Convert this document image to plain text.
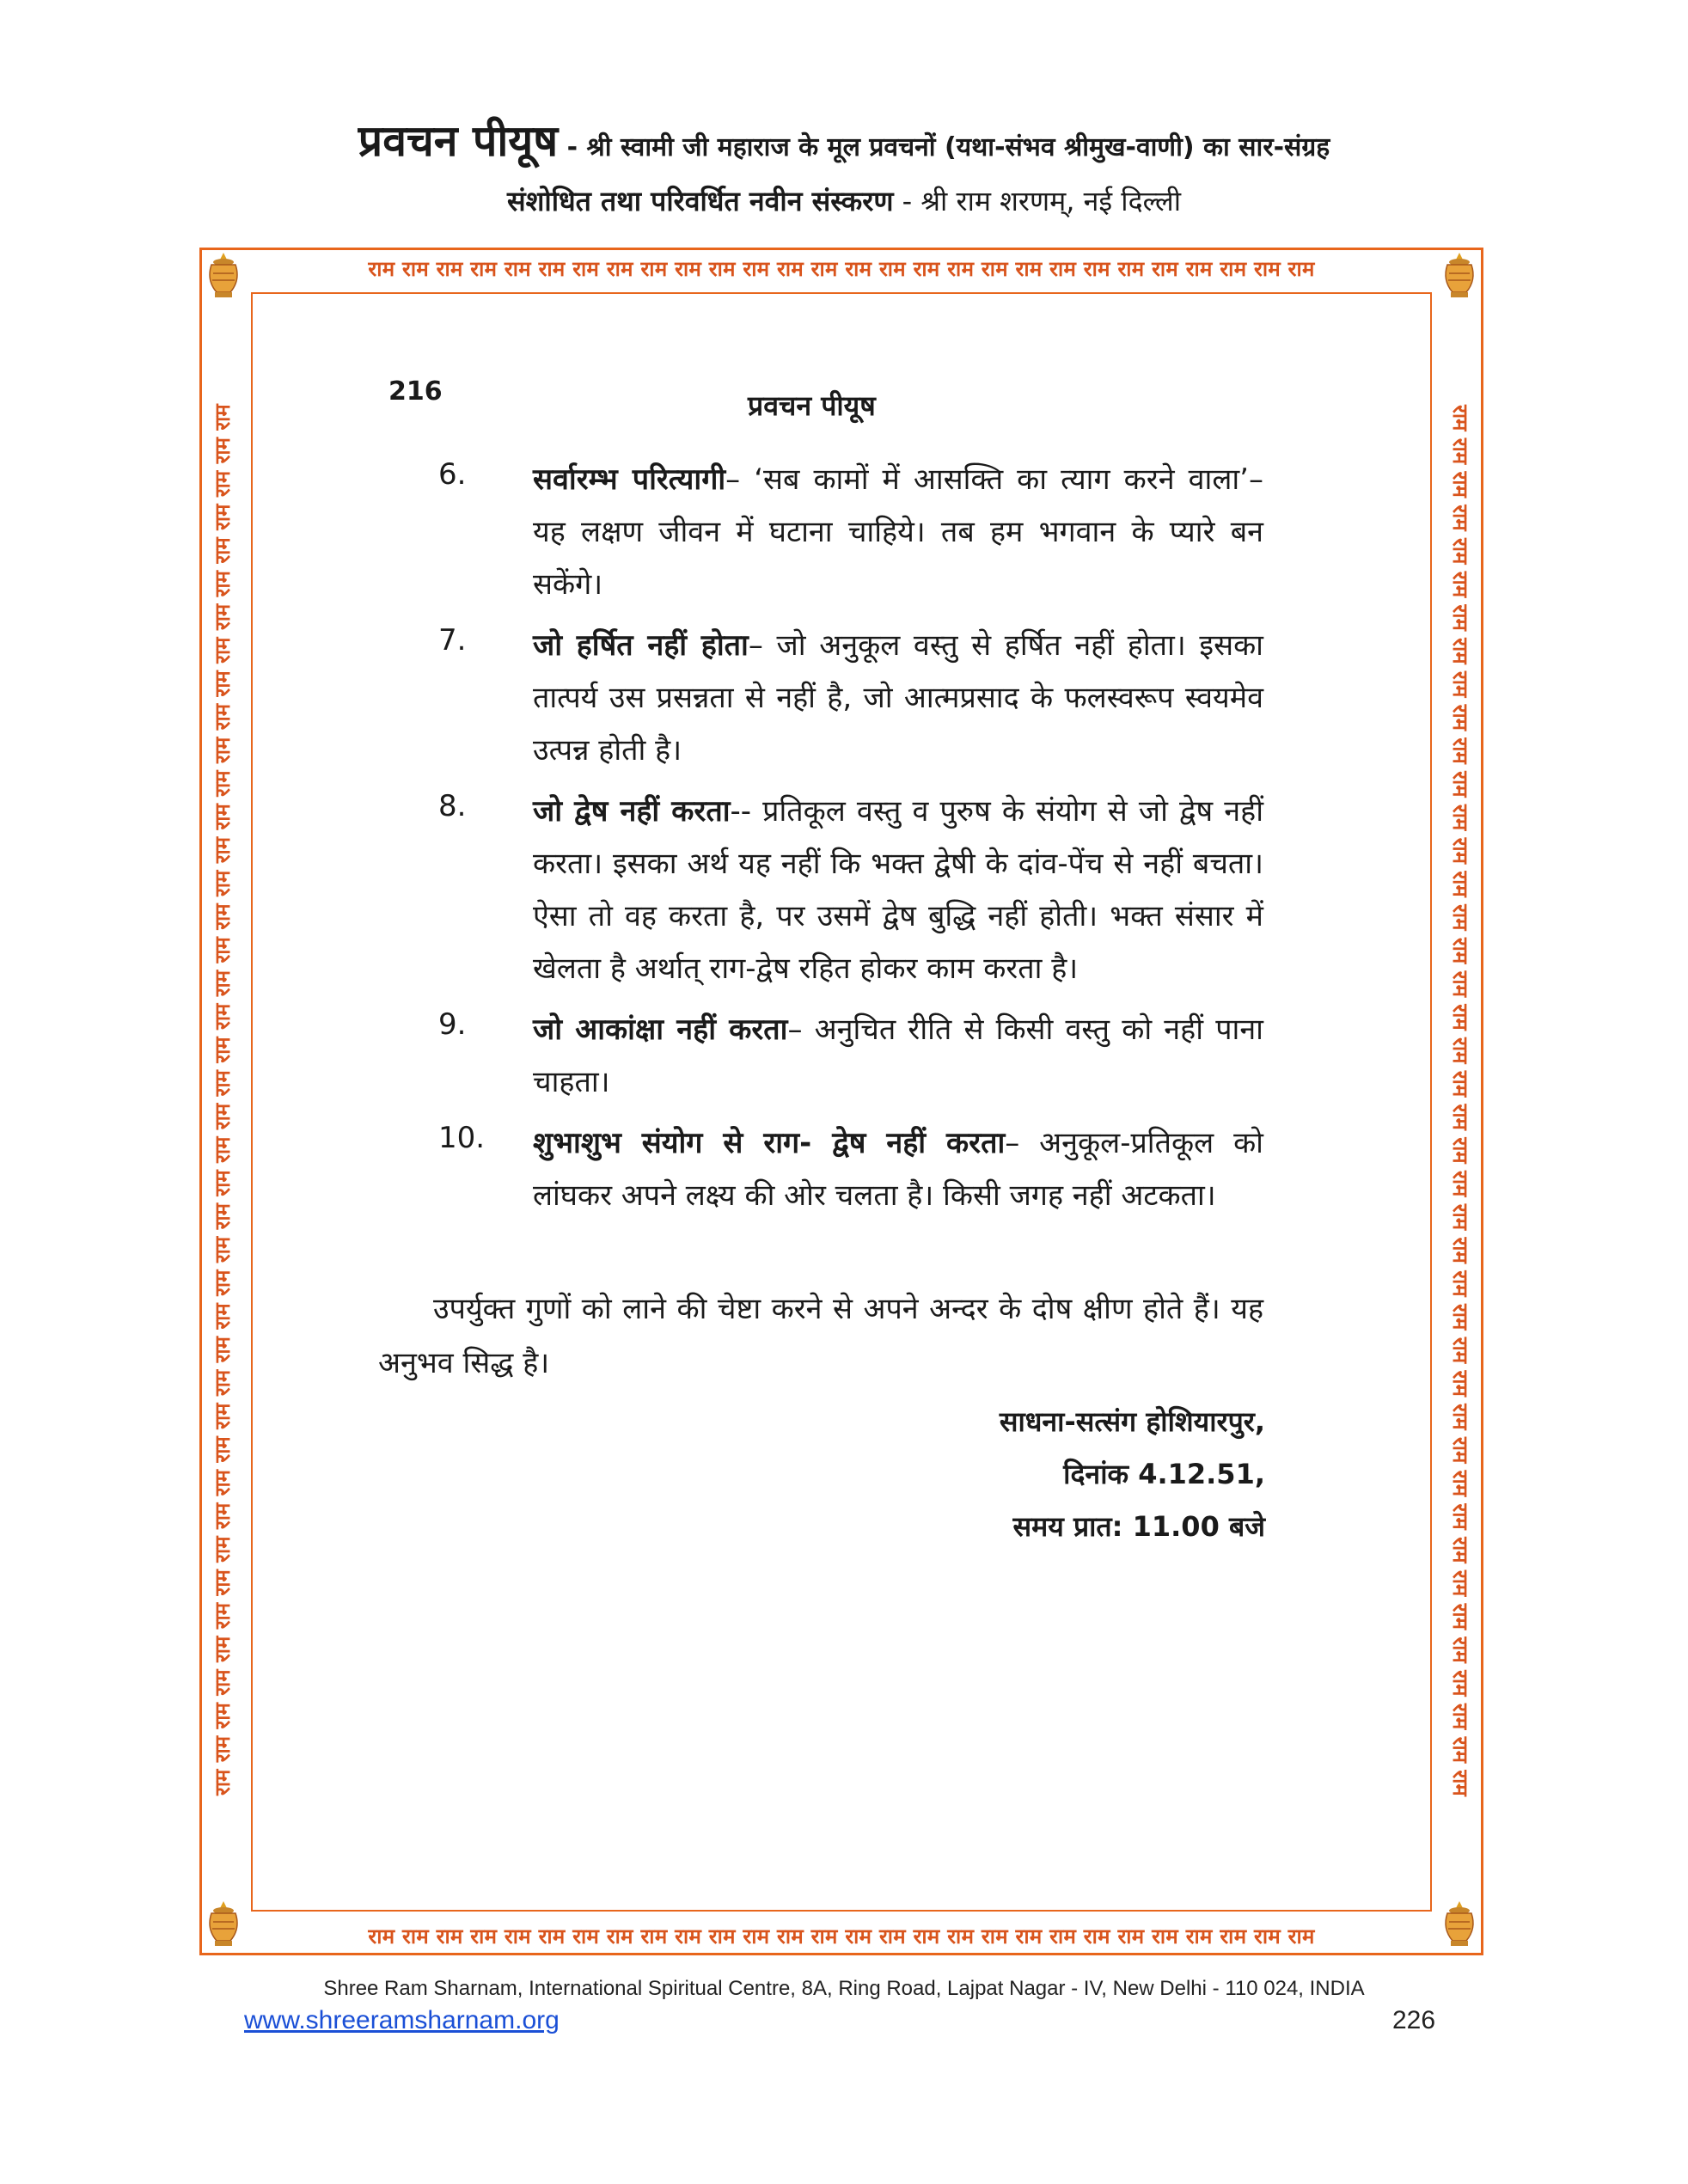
प्रवचन पीयूष - श्री स्वामी जी महाराज के मूल प्रवचनों (यथा-संभव श्रीमुख-वाणी) का सार-संग्रह
संशोधित तथा परिवर्धित नवीन संस्करण - श्री राम शरणम्, नई दिल्ली
राम राम राम राम राम राम राम राम राम राम राम राम राम राम राम राम राम राम राम राम राम राम राम राम राम राम राम राम
राम राम राम राम राम राम राम राम राम राम राम राम राम राम राम राम राम राम राम राम राम राम राम राम राम राम राम राम
राम राम राम राम राम राम राम राम राम राम राम राम राम राम राम राम राम राम राम राम राम राम राम राम राम राम राम राम राम राम राम राम राम राम राम राम राम राम राम राम राम राम	राम राम राम राम राम राम राम राम राम राम राम राम राम राम राम राम राम राम राम राम राम राम राम राम राम राम राम राम राम राम राम राम राम राम राम राम राम राम राम राम राम राम
216	प्रवचन पीयूष
6.	सर्वारम्भ परित्यागी– ‘सब कामों में आसक्ति का त्याग करने वाला’– यह लक्षण जीवन में घटाना चाहिये। तब हम भगवान के प्यारे बन सकेंगे।
7.	जो हर्षित नहीं होता– जो अनुकूल वस्तु से हर्षित नहीं होता। इसका तात्पर्य उस प्रसन्नता से नहीं है, जो आत्मप्रसाद के फलस्वरूप स्वयमेव उत्पन्न होती है।
8.	जो द्वेष नहीं करता-- प्रतिकूल वस्तु व पुरुष के संयोग से जो द्वेष नहीं करता। इसका अर्थ यह नहीं कि भक्त द्वेषी के दांव-पेंच से नहीं बचता। ऐसा तो वह करता है, पर उसमें द्वेष बुद्धि नहीं होती। भक्त संसार में खेलता है अर्थात् राग-द्वेष रहित होकर काम करता है।
9.	जो आकांक्षा नहीं करता– अनुचित रीति से किसी वस्तु को नहीं पाना चाहता।
10.	शुभाशुभ संयोग से राग- द्वेष नहीं करता– अनुकूल-प्रतिकूल को लांघकर अपने लक्ष्य की ओर चलता है। किसी जगह नहीं अटकता।
उपर्युक्त गुणों को लाने की चेष्टा करने से अपने अन्दर के दोष क्षीण होते हैं। यह अनुभव सिद्ध है।
साधना-सत्संग होशियारपुर,
दिनांक 4.12.51,
समय प्रात: 11.00 बजे
Shree Ram Sharnam, International Spiritual Centre, 8A, Ring Road, Lajpat Nagar - IV, New Delhi - 110 024, INDIA
www.shreeramsharnam.org	226
